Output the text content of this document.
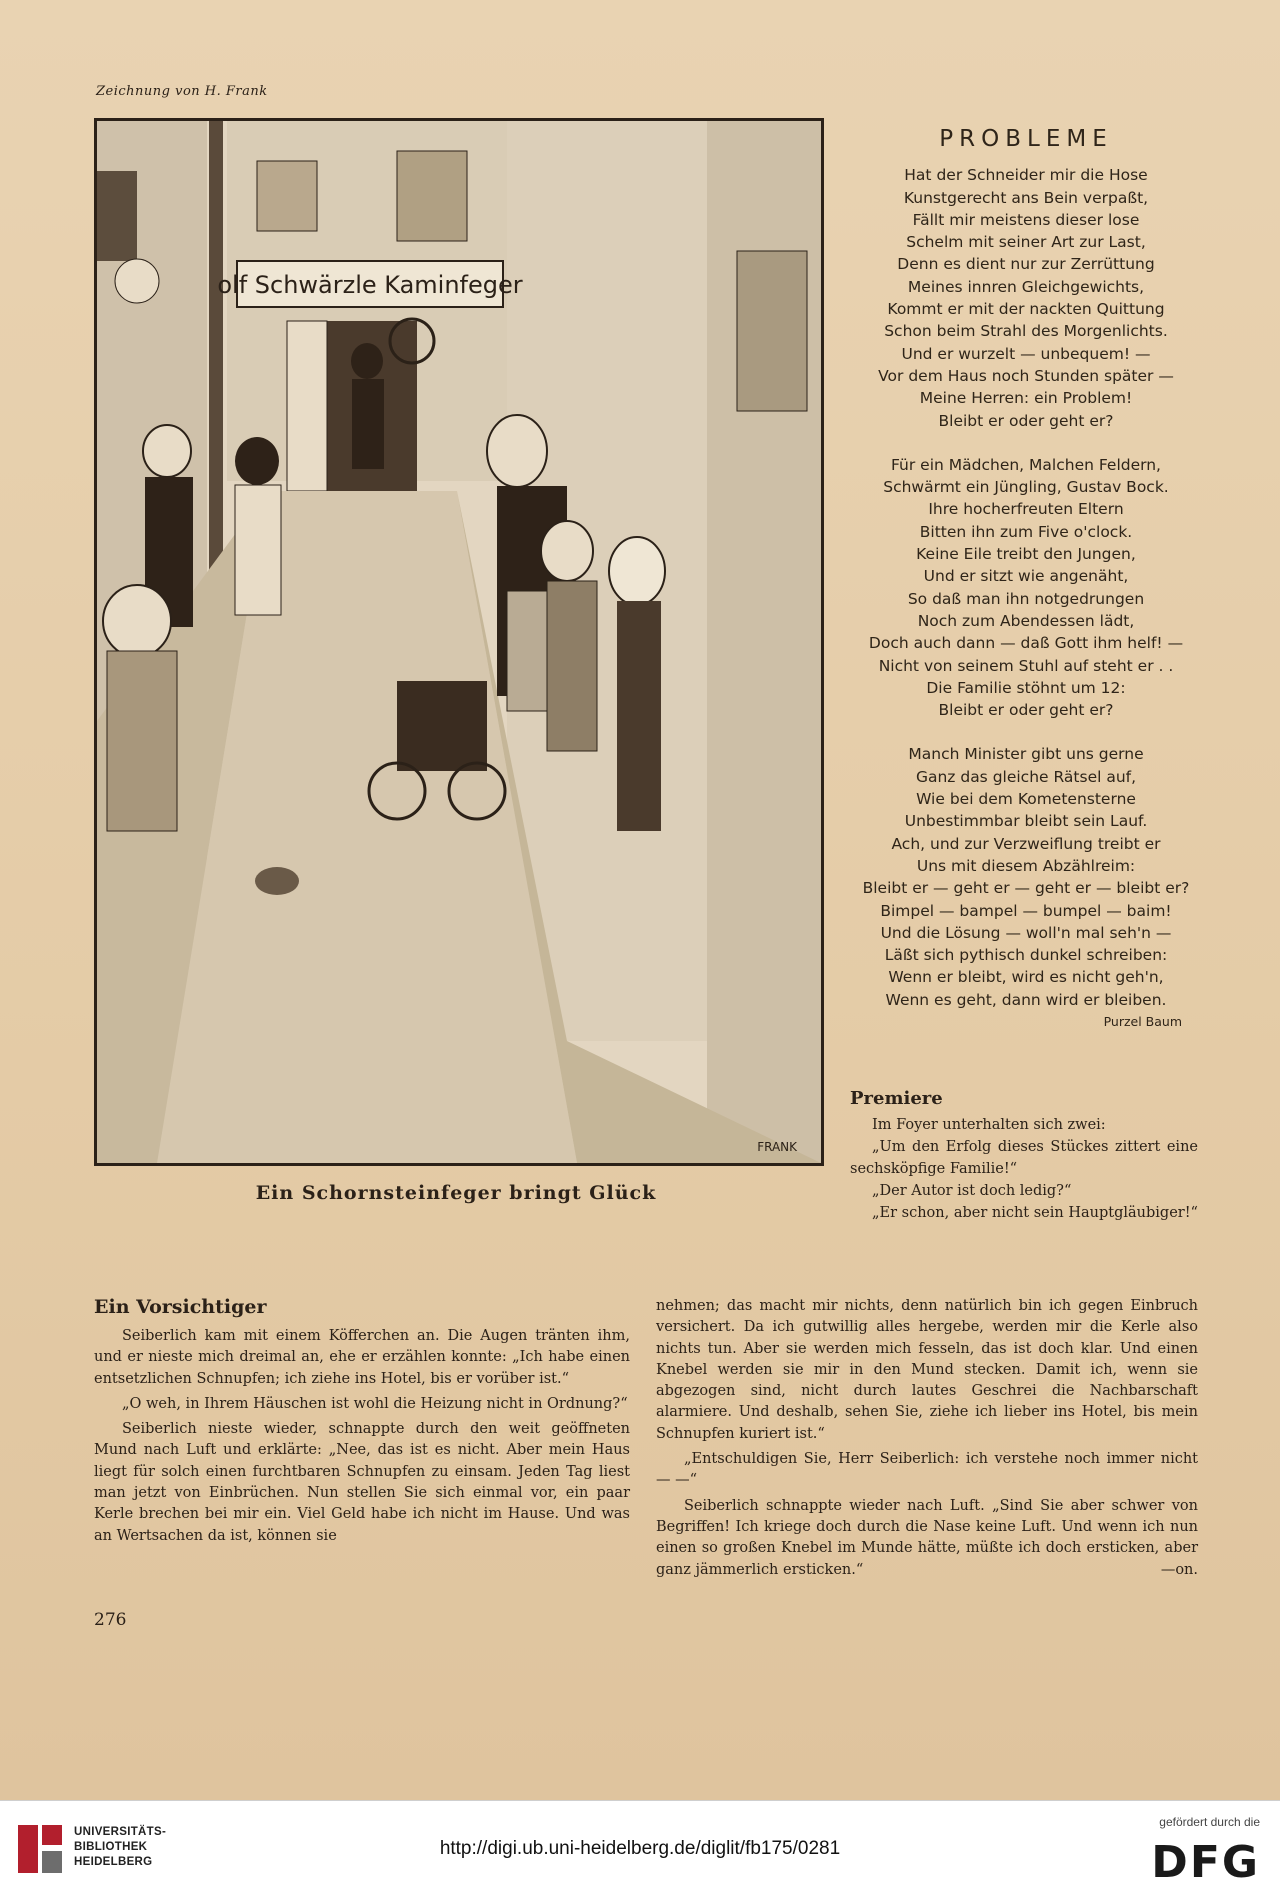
Zeichnung von H. Frank
olf Schwärzle Kaminfeger
FRANK
Ein Schornsteinfeger bringt Glück
PROBLEME
Hat der Schneider mir die Hose
Kunstgerecht ans Bein verpaßt,
Fällt mir meistens dieser lose
Schelm mit seiner Art zur Last,
Denn es dient nur zur Zerrüttung
Meines innren Gleichgewichts,
Kommt er mit der nackten Quittung
Schon beim Strahl des Morgenlichts.
Und er wurzelt — unbequem! —
Vor dem Haus noch Stunden später —
Meine Herren: ein Problem!
Bleibt er oder geht er?
Für ein Mädchen, Malchen Feldern,
Schwärmt ein Jüngling, Gustav Bock.
Ihre hocherfreuten Eltern
Bitten ihn zum Five o'clock.
Keine Eile treibt den Jungen,
Und er sitzt wie angenäht,
So daß man ihn notgedrungen
Noch zum Abendessen lädt,
Doch auch dann — daß Gott ihm helf! —
Nicht von seinem Stuhl auf steht er . .
Die Familie stöhnt um 12:
Bleibt er oder geht er?
Manch Minister gibt uns gerne
Ganz das gleiche Rätsel auf,
Wie bei dem Kometensterne
Unbestimmbar bleibt sein Lauf.
Ach, und zur Verzweiflung treibt er
Uns mit diesem Abzählreim:
Bleibt er — geht er — geht er — bleibt er?
Bimpel — bampel — bumpel — baim!
Und die Lösung — woll'n mal seh'n —
Läßt sich pythisch dunkel schreiben:
Wenn er bleibt, wird es nicht geh'n,
Wenn es geht, dann wird er bleiben.
Purzel Baum
Premiere

Im Foyer unterhalten sich zwei:

„Um den Erfolg dieses Stückes zittert eine sechsköpfige Familie!“

„Der Autor ist doch ledig?“

„Er schon, aber nicht sein Hauptgläubiger!“

Ein Vorsichtiger

Seiberlich kam mit einem Köfferchen an. Die Augen tränten ihm, und er nieste mich dreimal an, ehe er erzählen konnte: „Ich habe einen entsetzlichen Schnupfen; ich ziehe ins Hotel, bis er vorüber ist.“

„O weh, in Ihrem Häuschen ist wohl die Heizung nicht in Ordnung?“

Seiberlich nieste wieder, schnappte durch den weit geöffneten Mund nach Luft und erklärte: „Nee, das ist es nicht. Aber mein Haus liegt für solch einen furchtbaren Schnupfen zu einsam. Jeden Tag liest man jetzt von Einbrüchen. Nun stellen Sie sich einmal vor, ein paar Kerle brechen bei mir ein. Viel Geld habe ich nicht im Hause. Und was an Wertsachen da ist, können sie

nehmen; das macht mir nichts, denn natürlich bin ich gegen Einbruch versichert. Da ich gutwillig alles hergebe, werden mir die Kerle also nichts tun. Aber sie werden mich fesseln, das ist doch klar. Und einen Knebel werden sie mir in den Mund stecken. Damit ich, wenn sie abgezogen sind, nicht durch lautes Geschrei die Nachbarschaft alarmiere. Und deshalb, sehen Sie, ziehe ich lieber ins Hotel, bis mein Schnupfen kuriert ist.“

„Entschuldigen Sie, Herr Seiberlich: ich verstehe noch immer nicht — —“

Seiberlich schnappte wieder nach Luft. „Sind Sie aber schwer von Begriffen! Ich kriege doch durch die Nase keine Luft. Und wenn ich nun einen so großen Knebel im Munde hätte, müßte ich doch ersticken, aber ganz jämmerlich ersticken.“	—on.

276
UNIVERSITÄTS-
BIBLIOTHEK
HEIDELBERG
http://digi.ub.uni-heidelberg.de/diglit/fb175/0281
gefördert durch die
DFG
